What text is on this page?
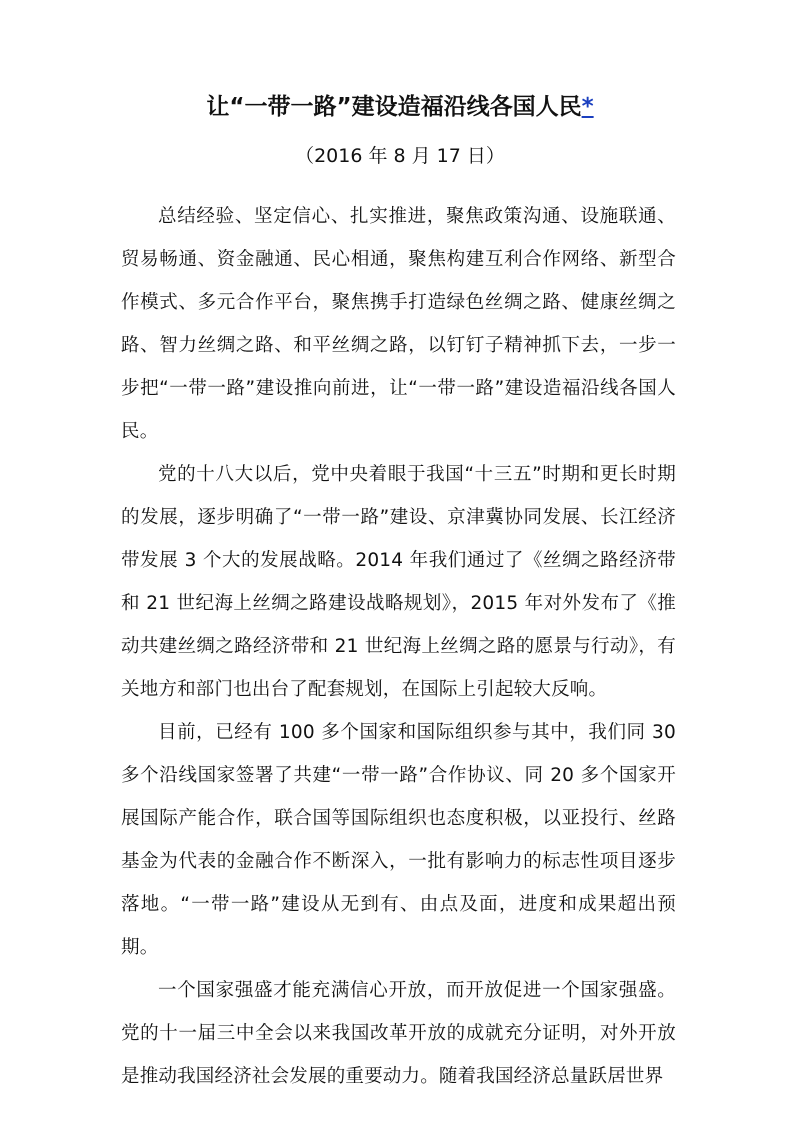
让“一带一路”建设造福沿线各国人民*
（2016 年 8 月 17 日）

总结经验、坚定信心、扎实推进，聚焦政策沟通、设施联通、贸易畅通、资金融通、民心相通，聚焦构建互利合作网络、新型合作模式、多元合作平台，聚焦携手打造绿色丝绸之路、健康丝绸之路、智力丝绸之路、和平丝绸之路，以钉钉子精神抓下去，一步一步把“一带一路”建设推向前进，让“一带一路”建设造福沿线各国人民。

党的十八大以后，党中央着眼于我国“十三五”时期和更长时期的发展，逐步明确了“一带一路”建设、京津冀协同发展、长江经济带发展 3 个大的发展战略。2014 年我们通过了《丝绸之路经济带和 21 世纪海上丝绸之路建设战略规划》，2015 年对外发布了《推动共建丝绸之路经济带和 21 世纪海上丝绸之路的愿景与行动》，有关地方和部门也出台了配套规划，在国际上引起较大反响。

目前，已经有 100 多个国家和国际组织参与其中，我们同 30 多个沿线国家签署了共建“一带一路”合作协议、同 20 多个国家开展国际产能合作，联合国等国际组织也态度积极，以亚投行、丝路基金为代表的金融合作不断深入，一批有影响力的标志性项目逐步落地。“一带一路”建设从无到有、由点及面，进度和成果超出预期。

一个国家强盛才能充满信心开放，而开放促进一个国家强盛。党的十一届三中全会以来我国改革开放的成就充分证明，对外开放是推动我国经济社会发展的重要动力。随着我国经济总量跃居世界
